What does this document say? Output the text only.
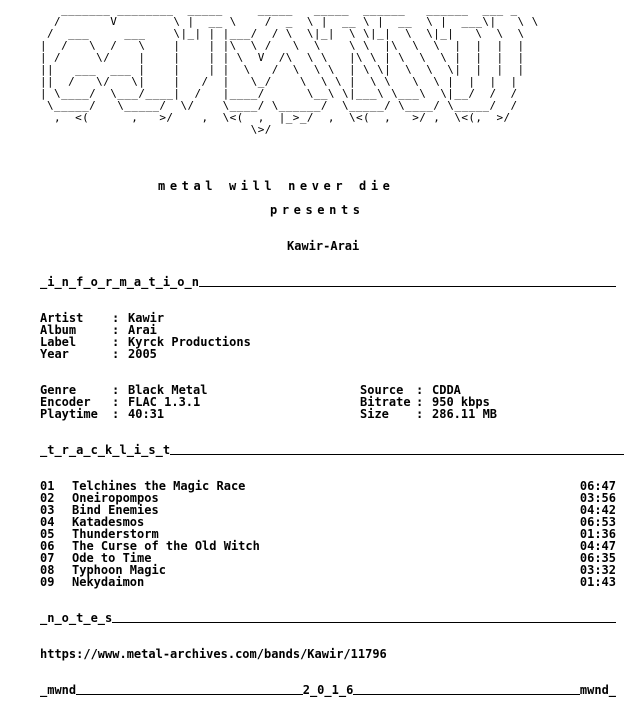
_______ ________  _____     _____   _____  ______   ______  ___ _
/       V        \ |  __ \    /  _  \ |  __ \ |  __  \ |  ___\|   \ \
/  ___     ___    \|_| | |___/  / \  \|_|  \ \|_|  \  \|_|   \  \  \
|  /   \  /   \    |    | |\  \ /   \  \    \ \  |\  \  \  |  |  |  |
| /     \/    |    |    | | \  V  /\  \ \   |\ \ | \  \  \ |  |  |  |
||   ___  ___ |    |    | |  \   /  \  \ \  | \ \|  \  \  \|  |  |  |
||  /   \/   \|    |   /  |   \_/    \  \ \ |  \ \   \  \ |  |  |  |
| \____/  \___/____|  /   |____/      \__\ \|___\ \___\  \|__/  /  /
\_____/   \_____/  \/    \____/ \______/  \_____/ \____/ \_____/  /
,  <(      ,   >/    ,  \<(  ,  |_>_/  ,  \<(  ,   >/ ,  \<(,  >/
\>/
metal will never die
presents
Kawir-Arai
_i_n_f_o_r_m_a_t_i_o_n
Artist	: Kawir
Album	: Arai
Label	: Kyrck Productions
Year	: 2005
Genre	: Black Metal
Encoder	: FLAC 1.3.1
Playtime	: 40:31
Source	: CDDA
Bitrate : 950 kbps
Size	: 286.11 MB
_t_r_a_c_k_l_i_s_t
01	Telchines the Magic Race	06:47
02	Oneiropompos	03:56
03	Bind Enemies	04:42
04	Katadesmos	06:53
05	Thunderstorm	01:36
06	The Curse of the Old Witch	04:47
07	Ode to Time	06:35
08	Typhoon Magic	03:32
09	Nekydaimon	01:43
_n_o_t_e_s
https://www.metal-archives.com/bands/Kawir/11796
_mwnd	2_0_1_6	mwnd_
